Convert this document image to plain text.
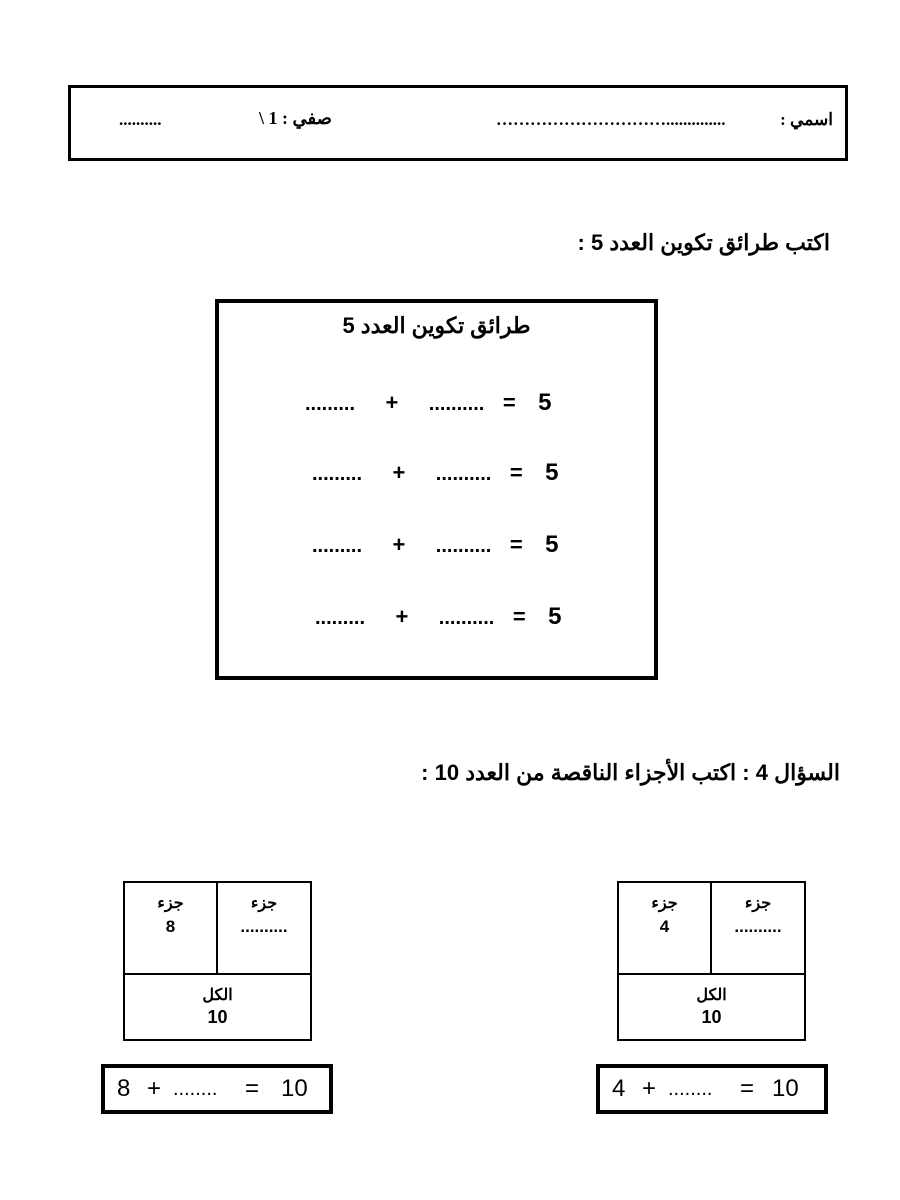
اسمي :
…………………………..............
صفي : 1 \
..........
اكتب طرائق تكوين العدد 5 :
طرائق تكوين العدد 5
......... + .......... = 5
......... + .......... = 5
......... + .......... = 5
......... + .......... = 5
السؤال 4 : اكتب الأجزاء الناقصة من العدد 10 :
جزء
4
جزء
..........
الكل
10
جزء
8
جزء
..........
الكل
10
4 + ........ = 10
8 + ........ = 10
